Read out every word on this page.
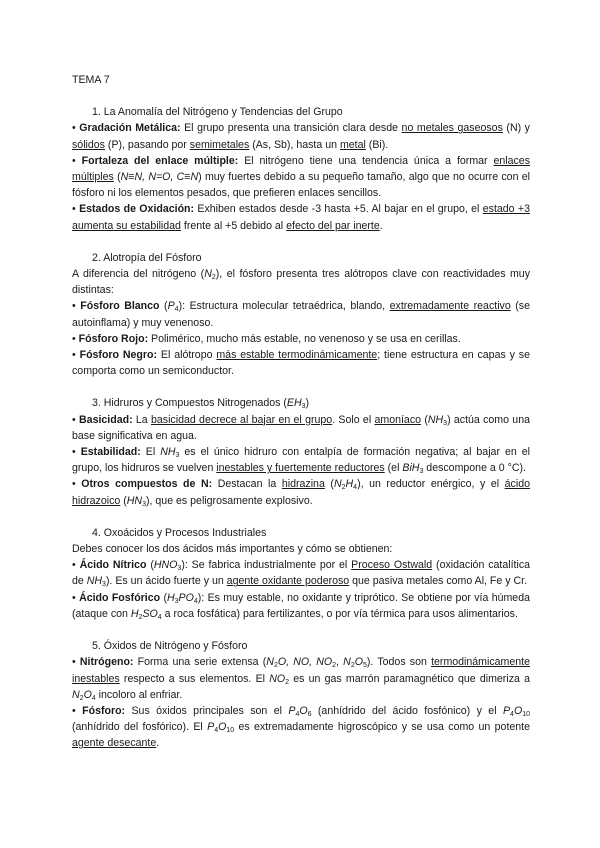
TEMA 7
1. La Anomalía del Nitrógeno y Tendencias del Grupo

• Gradación Metálica: El grupo presenta una transición clara desde no metales gaseosos (N) y sólidos (P), pasando por semimetales (As, Sb), hasta un metal (Bi).

• Fortaleza del enlace múltiple: El nitrógeno tiene una tendencia única a formar enlaces múltiples (N≡N, N=O, C≡N) muy fuertes debido a su pequeño tamaño, algo que no ocurre con el fósforo ni los elementos pesados, que prefieren enlaces sencillos.

• Estados de Oxidación: Exhiben estados desde -3 hasta +5. Al bajar en el grupo, el estado +3 aumenta su estabilidad frente al +5 debido al efecto del par inerte.

2. Alotropía del Fósforo

A diferencia del nitrógeno $(N_2)$, el fósforo presenta tres alótropos clave con reactividades muy distintas:

• Fósforo Blanco $(P_4)$: Estructura molecular tetraédrica, blando, extremadamente reactivo (se autoinflama) y muy venenoso.

• Fósforo Rojo: Polimérico, mucho más estable, no venenoso y se usa en cerillas.

• Fósforo Negro: El alótropo más estable termodinámicamente; tiene estructura en capas y se comporta como un semiconductor.

3. Hidruros y Compuestos Nitrogenados $(EH_3)$

• Basicidad: La basicidad decrece al bajar en el grupo. Solo el amoníaco $(NH_3)$ actúa como una base significativa en agua.

• Estabilidad: El $NH_3$ es el único hidruro con entalpía de formación negativa; al bajar en el grupo, los hidruros se vuelven inestables y fuertemente reductores (el BiH$_3$ descompone a 0 °C).

• Otros compuestos de N: Destacan la hidrazina $(N_2H_4)$, un reductor enérgico, y el ácido hidrazoico $(HN_3)$, que es peligrosamente explosivo.

4. Oxoácidos y Procesos Industriales

Debes conocer los dos ácidos más importantes y cómo se obtienen:

• Ácido Nítrico $(HNO_3)$: Se fabrica industrialmente por el Proceso Ostwald (oxidación catalítica de $NH_3$). Es un ácido fuerte y un agente oxidante poderoso que pasiva metales como Al, Fe y Cr.

• Ácido Fosfórico $(H_3PO_4)$: Es muy estable, no oxidante y triprótico. Se obtiene por vía húmeda (ataque con $H_2SO_4$ a roca fosfática) para fertilizantes, o por vía térmica para usos alimentarios.

5. Óxidos de Nitrógeno y Fósforo

• Nitrógeno: Forma una serie extensa ($N_2O$, NO, $NO_2$, $N_2O_5$). Todos son termodinámicamente inestables respecto a sus elementos. El $NO_2$ es un gas marrón paramagnético que dimeriza a $N_2O_4$ incoloro al enfriar.

• Fósforo: Sus óxidos principales son el $P_4O_6$ (anhídrido del ácido fosfónico) y el $P_4O_{10}$ (anhídrido del fosfórico). El $P_4O_{10}$ es extremadamente higroscópico y se usa como un potente agente desecante.
